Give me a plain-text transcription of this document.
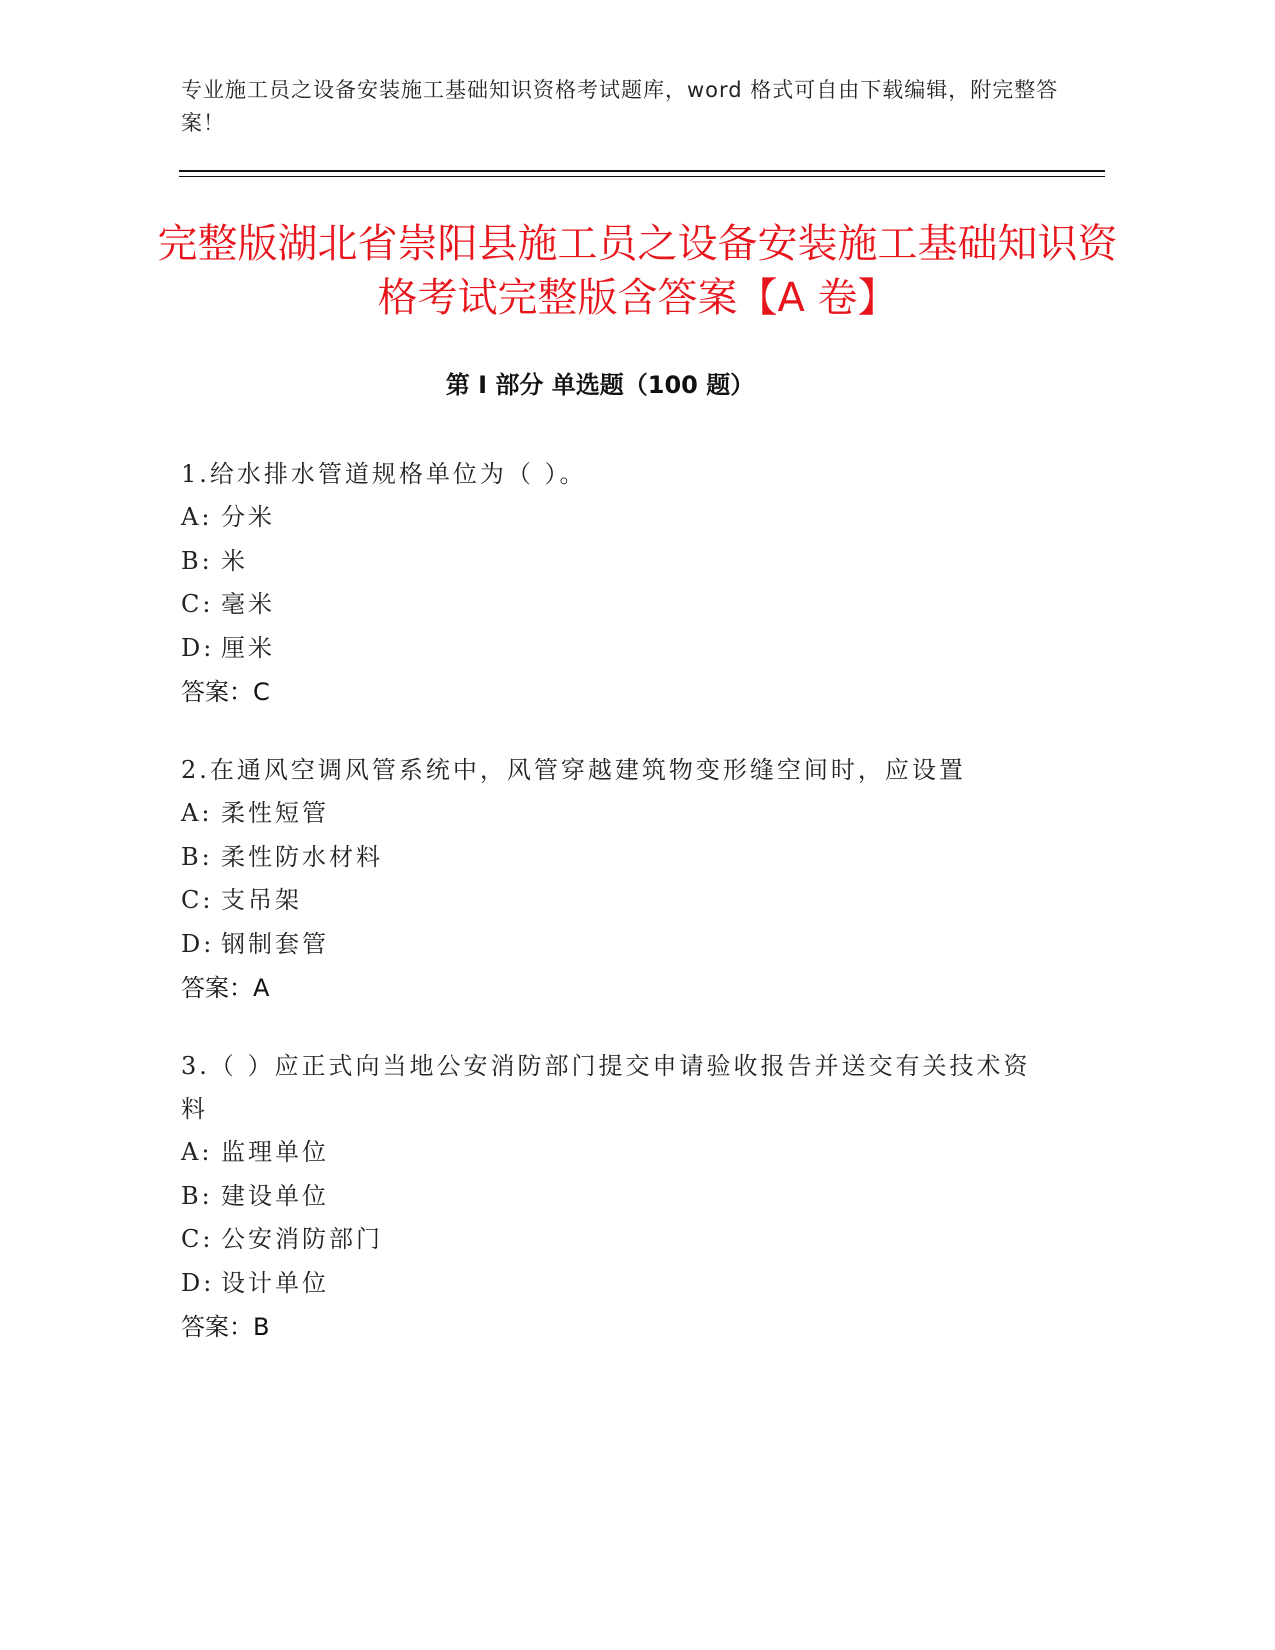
专业施工员之设备安装施工基础知识资格考试题库，word 格式可自由下载编辑，附完整答案！
完整版湖北省崇阳县施工员之设备安装施工基础知识资格考试完整版含答案【A 卷】
第 I 部分 单选题（100 题）
1.给水排水管道规格单位为（ ）。
A: 分米
B: 米
C: 毫米
D: 厘米
答案：C
2.在通风空调风管系统中，风管穿越建筑物变形缝空间时，应设置
A: 柔性短管
B: 柔性防水材料
C: 支吊架
D: 钢制套管
答案：A
3.（ ）应正式向当地公安消防部门提交申请验收报告并送交有关技术资料
A: 监理单位
B: 建设单位
C: 公安消防部门
D: 设计单位
答案：B
